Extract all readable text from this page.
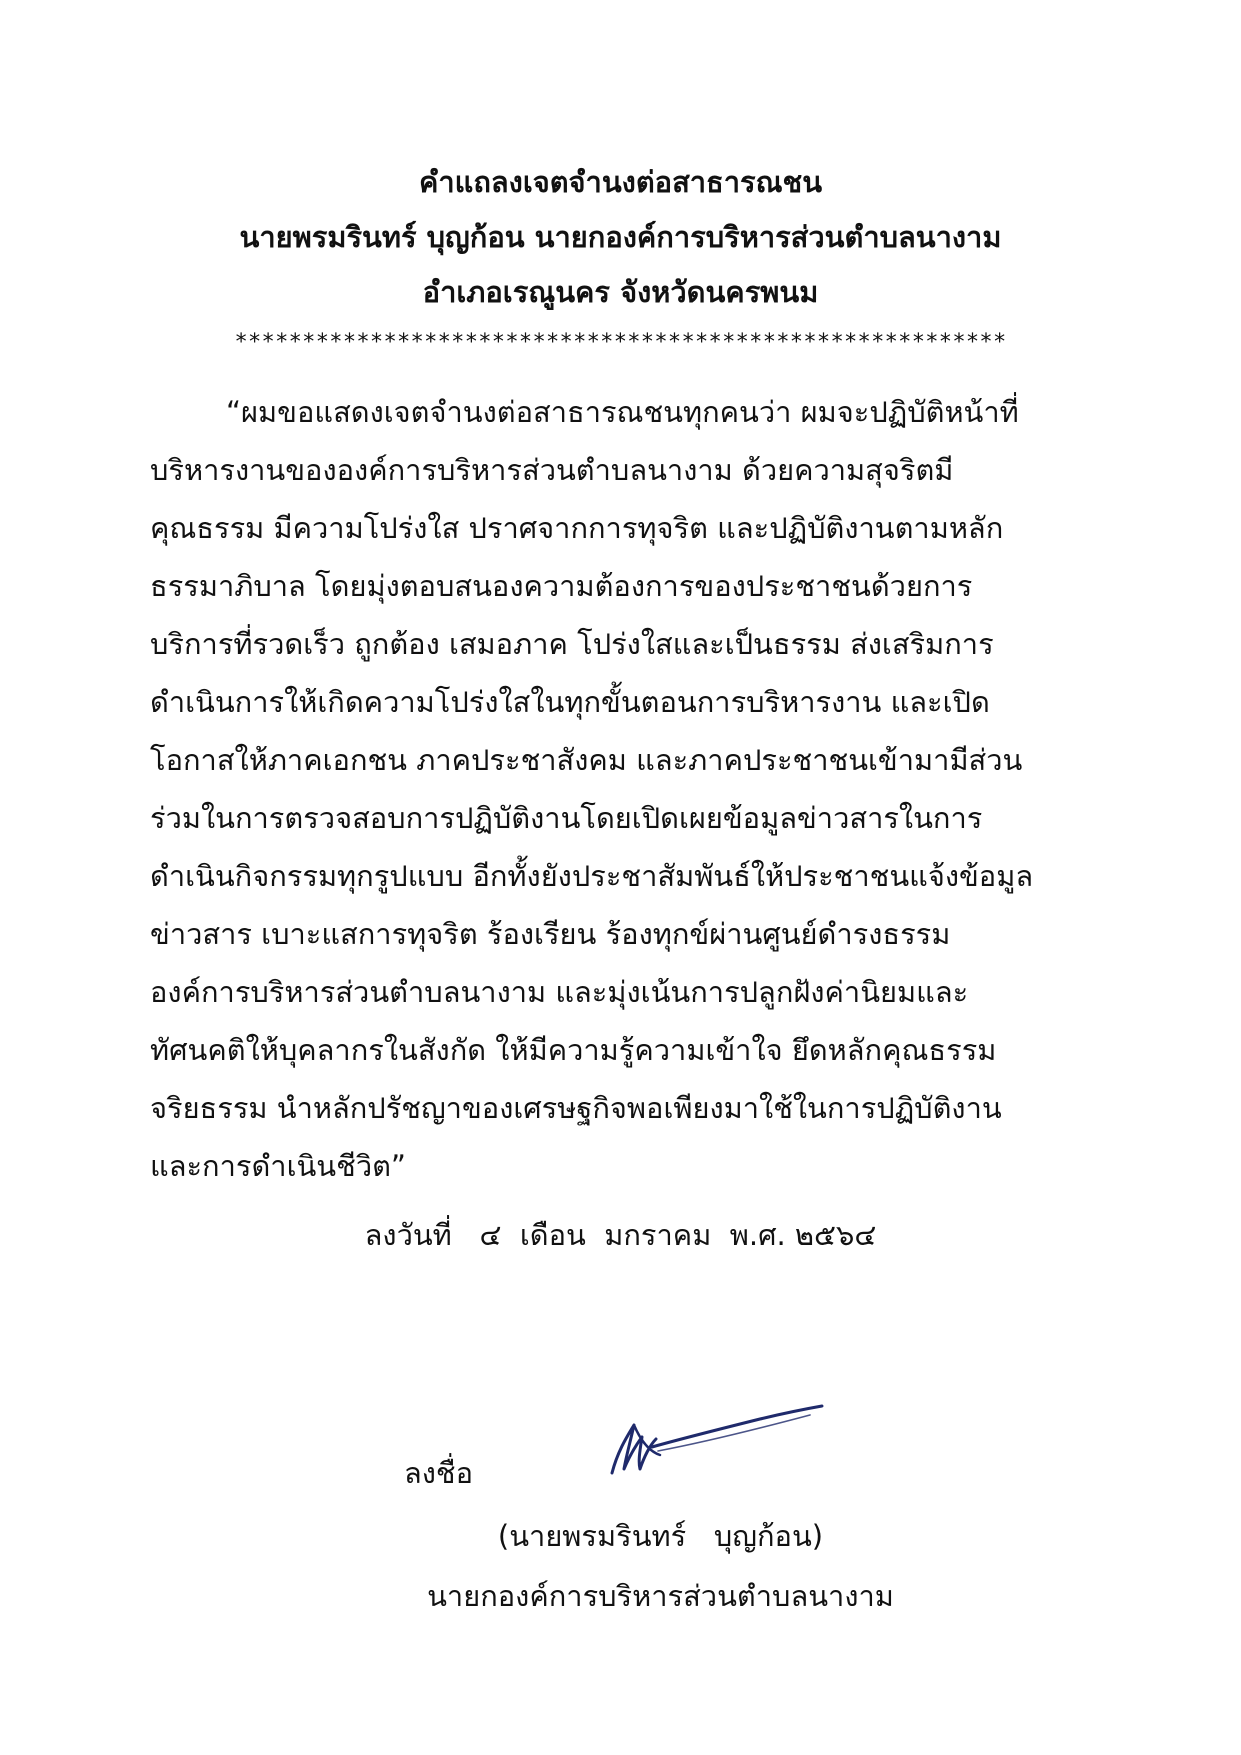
คำแถลงเจตจำนงต่อสาธารณชน
นายพรมรินทร์ บุญก้อน นายกองค์การบริหารส่วนตำบลนางาม
อำเภอเรณูนคร จังหวัดนครพนม
*********************************************************
“ผมขอแสดงเจตจำนงต่อสาธารณชนทุกคนว่า ผมจะปฏิบัติหน้าที่
บริหารงานขององค์การบริหารส่วนตำบลนางาม ด้วยความสุจริตมี
คุณธรรม มีความโปร่งใส ปราศจากการทุจริต และปฏิบัติงานตามหลัก
ธรรมาภิบาล โดยมุ่งตอบสนองความต้องการของประชาชนด้วยการ
บริการที่รวดเร็ว ถูกต้อง เสมอภาค โปร่งใสและเป็นธรรม ส่งเสริมการ
ดำเนินการให้เกิดความโปร่งใสในทุกขั้นตอนการบริหารงาน และเปิด
โอกาสให้ภาคเอกชน ภาคประชาสังคม และภาคประชาชนเข้ามามีส่วน
ร่วมในการตรวจสอบการปฏิบัติงานโดยเปิดเผยข้อมูลข่าวสารในการ
ดำเนินกิจกรรมทุกรูปแบบ อีกทั้งยังประชาสัมพันธ์ให้ประชาชนแจ้งข้อมูล
ข่าวสาร เบาะแสการทุจริต ร้องเรียน ร้องทุกข์ผ่านศูนย์ดำรงธรรม
องค์การบริหารส่วนตำบลนางาม และมุ่งเน้นการปลูกฝังค่านิยมและ
ทัศนคติให้บุคลากรในสังกัด ให้มีความรู้ความเข้าใจ ยึดหลักคุณธรรม
จริยธรรม นำหลักปรัชญาของเศรษฐกิจพอเพียงมาใช้ในการปฏิบัติงาน
และการดำเนินชีวิต”
ลงวันที่   ๔  เดือน  มกราคม  พ.ศ. ๒๕๖๔
ลงชื่อ
(นายพรมรินทร์   บุญก้อน)
นายกองค์การบริหารส่วนตำบลนางาม
